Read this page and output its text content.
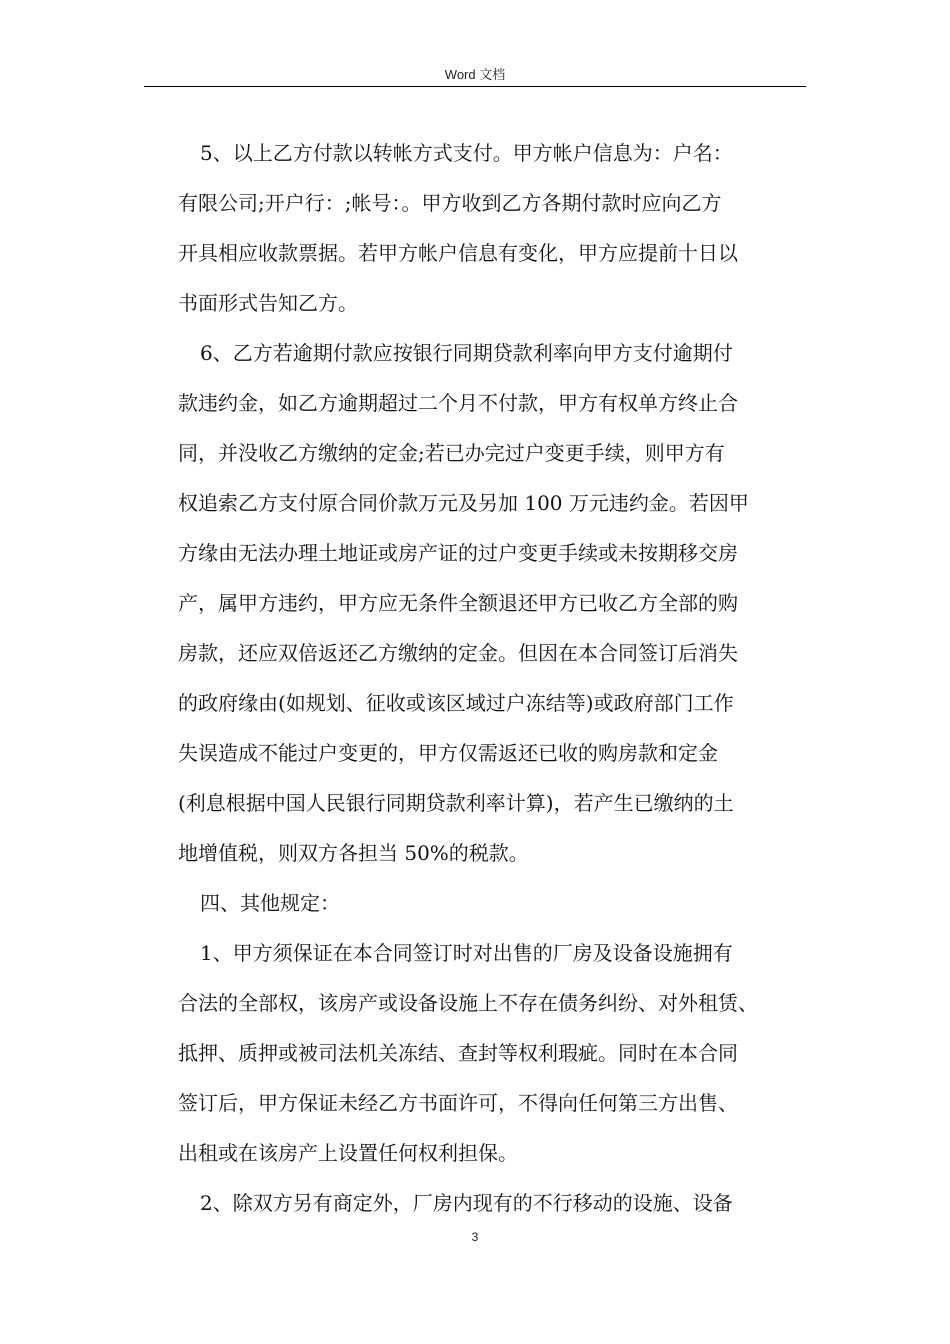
Word 文档
5、以上乙方付款以转帐方式支付。甲方帐户信息为：户名：
有限公司;开户行：;帐号：。甲方收到乙方各期付款时应向乙方
开具相应收款票据。若甲方帐户信息有变化，甲方应提前十日以
书面形式告知乙方。
6、乙方若逾期付款应按银行同期贷款利率向甲方支付逾期付
款违约金，如乙方逾期超过二个月不付款，甲方有权单方终止合
同，并没收乙方缴纳的定金;若已办完过户变更手续，则甲方有
权追索乙方支付原合同价款万元及另加 100 万元违约金。若因甲
方缘由无法办理土地证或房产证的过户变更手续或未按期移交房
产，属甲方违约，甲方应无条件全额退还甲方已收乙方全部的购
房款，还应双倍返还乙方缴纳的定金。但因在本合同签订后消失
的政府缘由(如规划、征收或该区域过户冻结等)或政府部门工作
失误造成不能过户变更的，甲方仅需返还已收的购房款和定金
(利息根据中国人民银行同期贷款利率计算)，若产生已缴纳的土
地增值税，则双方各担当 50%的税款。
四、其他规定：
1、甲方须保证在本合同签订时对出售的厂房及设备设施拥有
合法的全部权，该房产或设备设施上不存在债务纠纷、对外租赁、
抵押、质押或被司法机关冻结、查封等权利瑕疵。同时在本合同
签订后，甲方保证未经乙方书面许可，不得向任何第三方出售、
出租或在该房产上设置任何权利担保。
2、除双方另有商定外，厂房内现有的不行移动的设施、设备
3
